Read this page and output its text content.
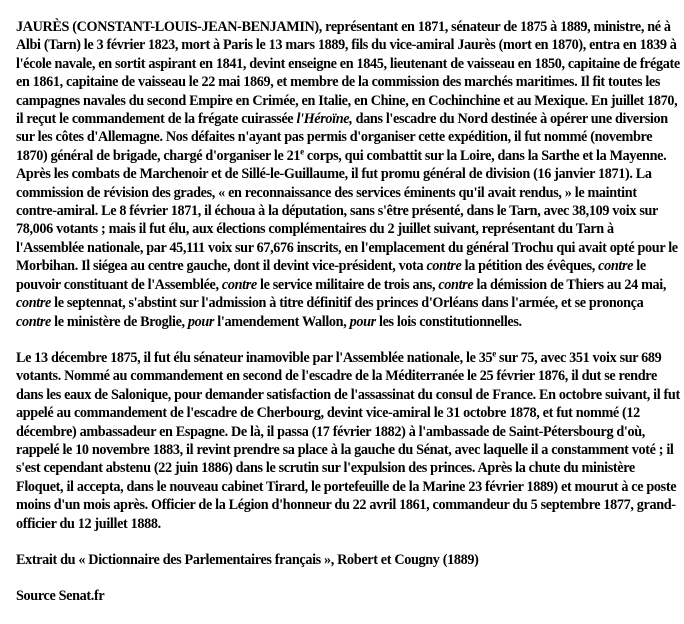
JAURÈS (CONSTANT-LOUIS-JEAN-BENJAMIN), représentant en 1871, sénateur de 1875 à 1889, ministre, né à Albi (Tarn) le 3 février 1823, mort à Paris le 13 mars 1889, fils du vice-amiral Jaurès (mort en 1870), entra en 1839 à l'école navale, en sortit aspirant en 1841, devint enseigne en 1845, lieutenant de vaisseau en 1850, capitaine de frégate en 1861, capitaine de vaisseau le 22 mai 1869, et membre de la commission des marchés maritimes. Il fit toutes les campagnes navales du second Empire en Crimée, en Italie, en Chine, en Cochinchine et au Mexique. En juillet 1870, il reçut le commandement de la frégate cuirassée l'Héroïne, dans l'escadre du Nord destinée à opérer une diversion sur les côtes d'Allemagne. Nos défaites n'ayant pas permis d'organiser cette expédition, il fut nommé (novembre 1870) général de brigade, chargé d'organiser le 21e corps, qui combattit sur la Loire, dans la Sarthe et la Mayenne. Après les combats de Marchenoir et de Sillé-le-Guillaume, il fut promu général de division (16 janvier 1871). La commission de révision des grades, « en reconnaissance des services éminents qu'il avait rendus, » le maintint contre-amiral. Le 8 février 1871, il échoua à la députation, sans s'être présenté, dans le Tarn, avec 38,109 voix sur 78,006 votants ; mais il fut élu, aux élections complémentaires du 2 juillet suivant, représentant du Tarn à l'Assemblée nationale, par 45,111 voix sur 67,676 inscrits, en l'emplacement du général Trochu qui avait opté pour le Morbihan. Il siégea au centre gauche, dont il devint vice-président, vota contre la pétition des évêques, contre le pouvoir constituant de l'Assemblée, contre le service militaire de trois ans, contre la démission de Thiers au 24 mai, contre le septennat, s'abstint sur l'admission à titre définitif des princes d'Orléans dans l'armée, et se prononça contre le ministère de Broglie, pour l'amendement Wallon, pour les lois constitutionnelles.

Le 13 décembre 1875, il fut élu sénateur inamovible par l'Assemblée nationale, le 35e sur 75, avec 351 voix sur 689 votants. Nommé au commandement en second de l'escadre de la Méditerranée le 25 février 1876, il dut se rendre dans les eaux de Salonique, pour demander satisfaction de l'assassinat du consul de France. En octobre suivant, il fut appelé au commandement de l'escadre de Cherbourg, devint vice-amiral le 31 octobre 1878, et fut nommé (12 décembre) ambassadeur en Espagne. De là, il passa (17 février 1882) à l'ambassade de Saint-Pétersbourg d'où, rappelé le 10 novembre 1883, il revint prendre sa place à la gauche du Sénat, avec laquelle il a constamment voté ; il s'est cependant abstenu (22 juin 1886) dans le scrutin sur l'expulsion des princes. Après la chute du ministère Floquet, il accepta, dans le nouveau cabinet Tirard, le portefeuille de la Marine 23 février 1889) et mourut à ce poste moins d'un mois après. Officier de la Légion d'honneur du 22 avril 1861, commandeur du 5 septembre 1877, grand-officier du 12 juillet 1888.

Extrait du « Dictionnaire des Parlementaires français », Robert et Cougny (1889)

Source Senat.fr
